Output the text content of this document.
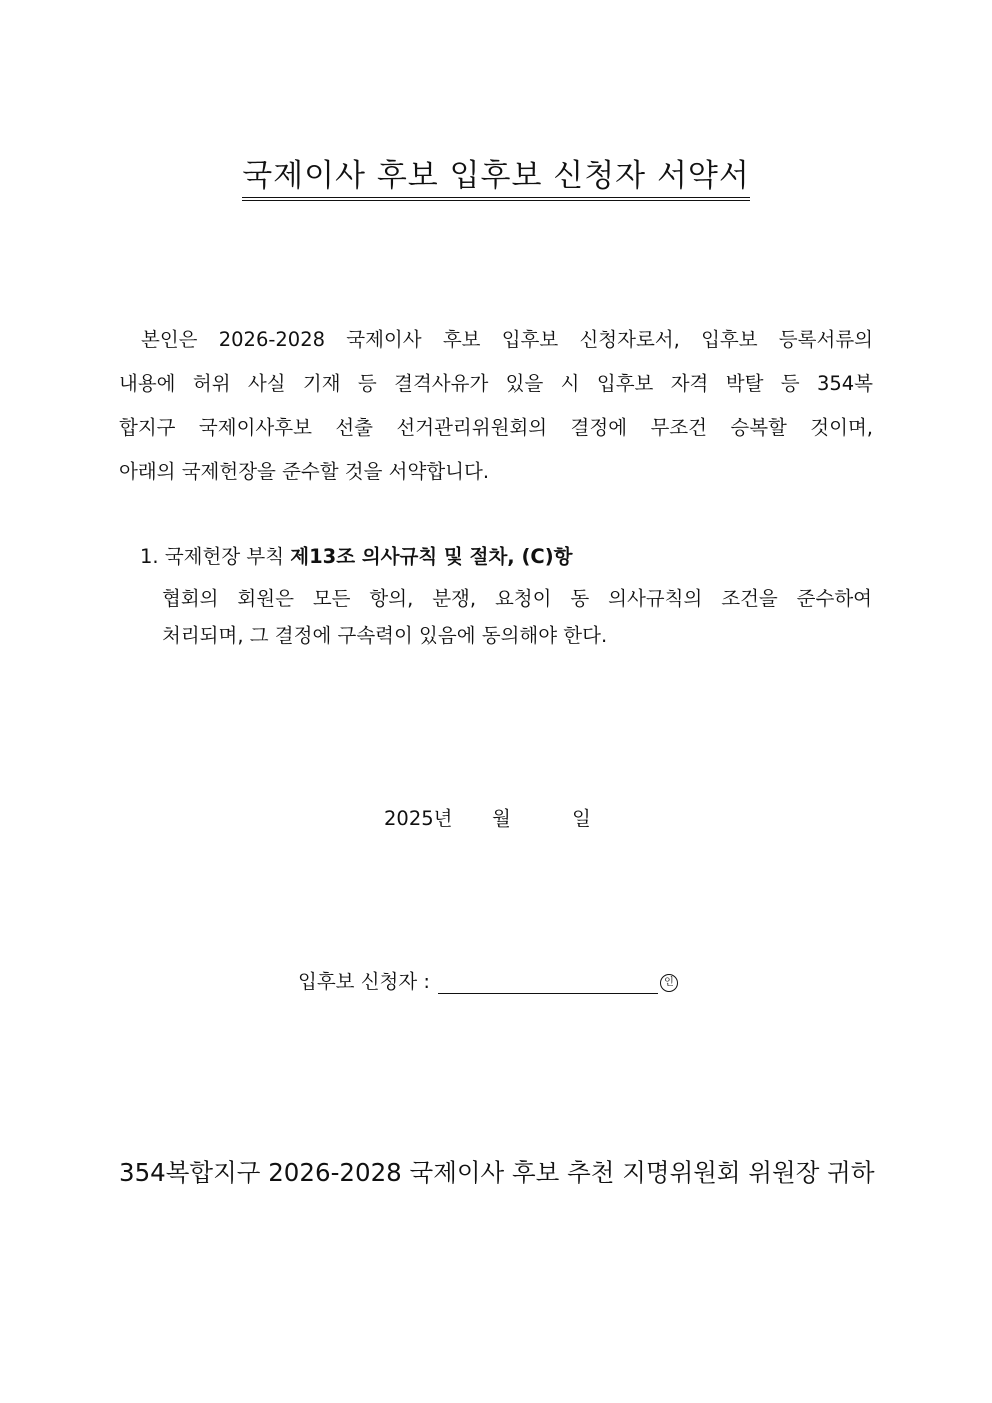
국제이사 후보 입후보 신청자 서약서
본인은 2026-2028 국제이사 후보 입후보 신청자로서, 입후보 등록서류의
내용에 허위 사실 기재 등 결격사유가 있을 시 입후보 자격 박탈 등 354복
합지구 국제이사후보 선출 선거관리위원회의 결정에 무조건 승복할 것이며,
아래의 국제헌장을 준수할 것을 서약합니다.
1. 국제헌장 부칙 제13조 의사규칙 및 절차, (C)항
협회의 회원은 모든 항의, 분쟁, 요청이 동 의사규칙의 조건을 준수하여
처리되며, 그 결정에 구속력이 있음에 동의해야 한다.
2025년 월	일
입후보 신청자 :	인

354복합지구 2026-2028 국제이사 후보 추천 지명위원회 위원장 귀하
